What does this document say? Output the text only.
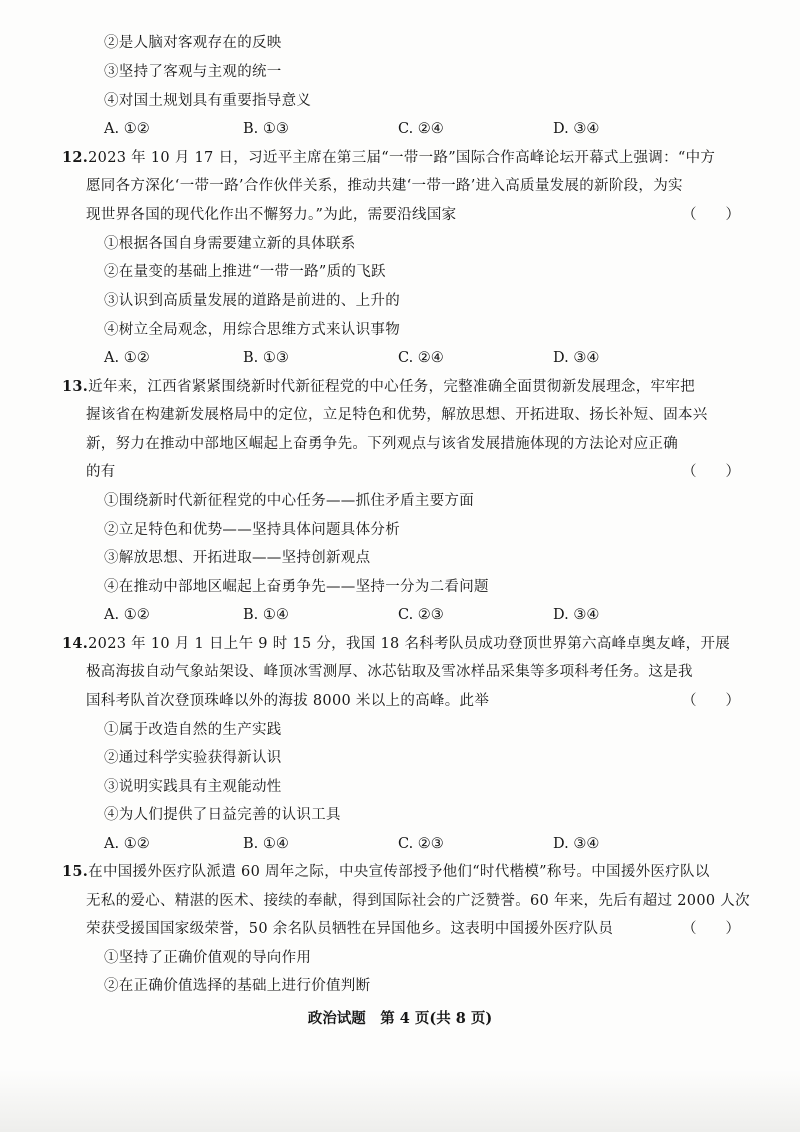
②是人脑对客观存在的反映
③坚持了客观与主观的统一
④对国土规划具有重要指导意义
A. ①②	B. ①③	C. ②④	D. ③④
12.2023 年 10 月 17 日，习近平主席在第三届“一带一路”国际合作高峰论坛开幕式上强调：“中方
愿同各方深化‘一带一路’合作伙伴关系，推动共建‘一带一路’进入高质量发展的新阶段，为实
现世界各国的现代化作出不懈努力。”为此，需要沿线国家	（　　）
①根据各国自身需要建立新的具体联系
②在量变的基础上推进“一带一路”质的飞跃
③认识到高质量发展的道路是前进的、上升的
④树立全局观念，用综合思维方式来认识事物
A. ①②	B. ①③	C. ②④	D. ③④
13.近年来，江西省紧紧围绕新时代新征程党的中心任务，完整准确全面贯彻新发展理念，牢牢把
握该省在构建新发展格局中的定位，立足特色和优势，解放思想、开拓进取、扬长补短、固本兴
新，努力在推动中部地区崛起上奋勇争先。下列观点与该省发展措施体现的方法论对应正确
的有	（　　）
①围绕新时代新征程党的中心任务——抓住矛盾主要方面
②立足特色和优势——坚持具体问题具体分析
③解放思想、开拓进取——坚持创新观点
④在推动中部地区崛起上奋勇争先——坚持一分为二看问题
A. ①②	B. ①④	C. ②③	D. ③④
14.2023 年 10 月 1 日上午 9 时 15 分，我国 18 名科考队员成功登顶世界第六高峰卓奥友峰，开展
极高海拔自动气象站架设、峰顶冰雪测厚、冰芯钻取及雪冰样品采集等多项科考任务。这是我
国科考队首次登顶珠峰以外的海拔 8000 米以上的高峰。此举	（　　）
①属于改造自然的生产实践
②通过科学实验获得新认识
③说明实践具有主观能动性
④为人们提供了日益完善的认识工具
A. ①②	B. ①④	C. ②③	D. ③④
15.在中国援外医疗队派遣 60 周年之际，中央宣传部授予他们“时代楷模”称号。中国援外医疗队以
无私的爱心、精湛的医术、接续的奉献，得到国际社会的广泛赞誉。60 年来，先后有超过 2000 人次
荣获受援国国家级荣誉，50 余名队员牺牲在异国他乡。这表明中国援外医疗队员	（　　）
①坚持了正确价值观的导向作用
②在正确价值选择的基础上进行价值判断
政治试题　第 4 页(共 8 页)
